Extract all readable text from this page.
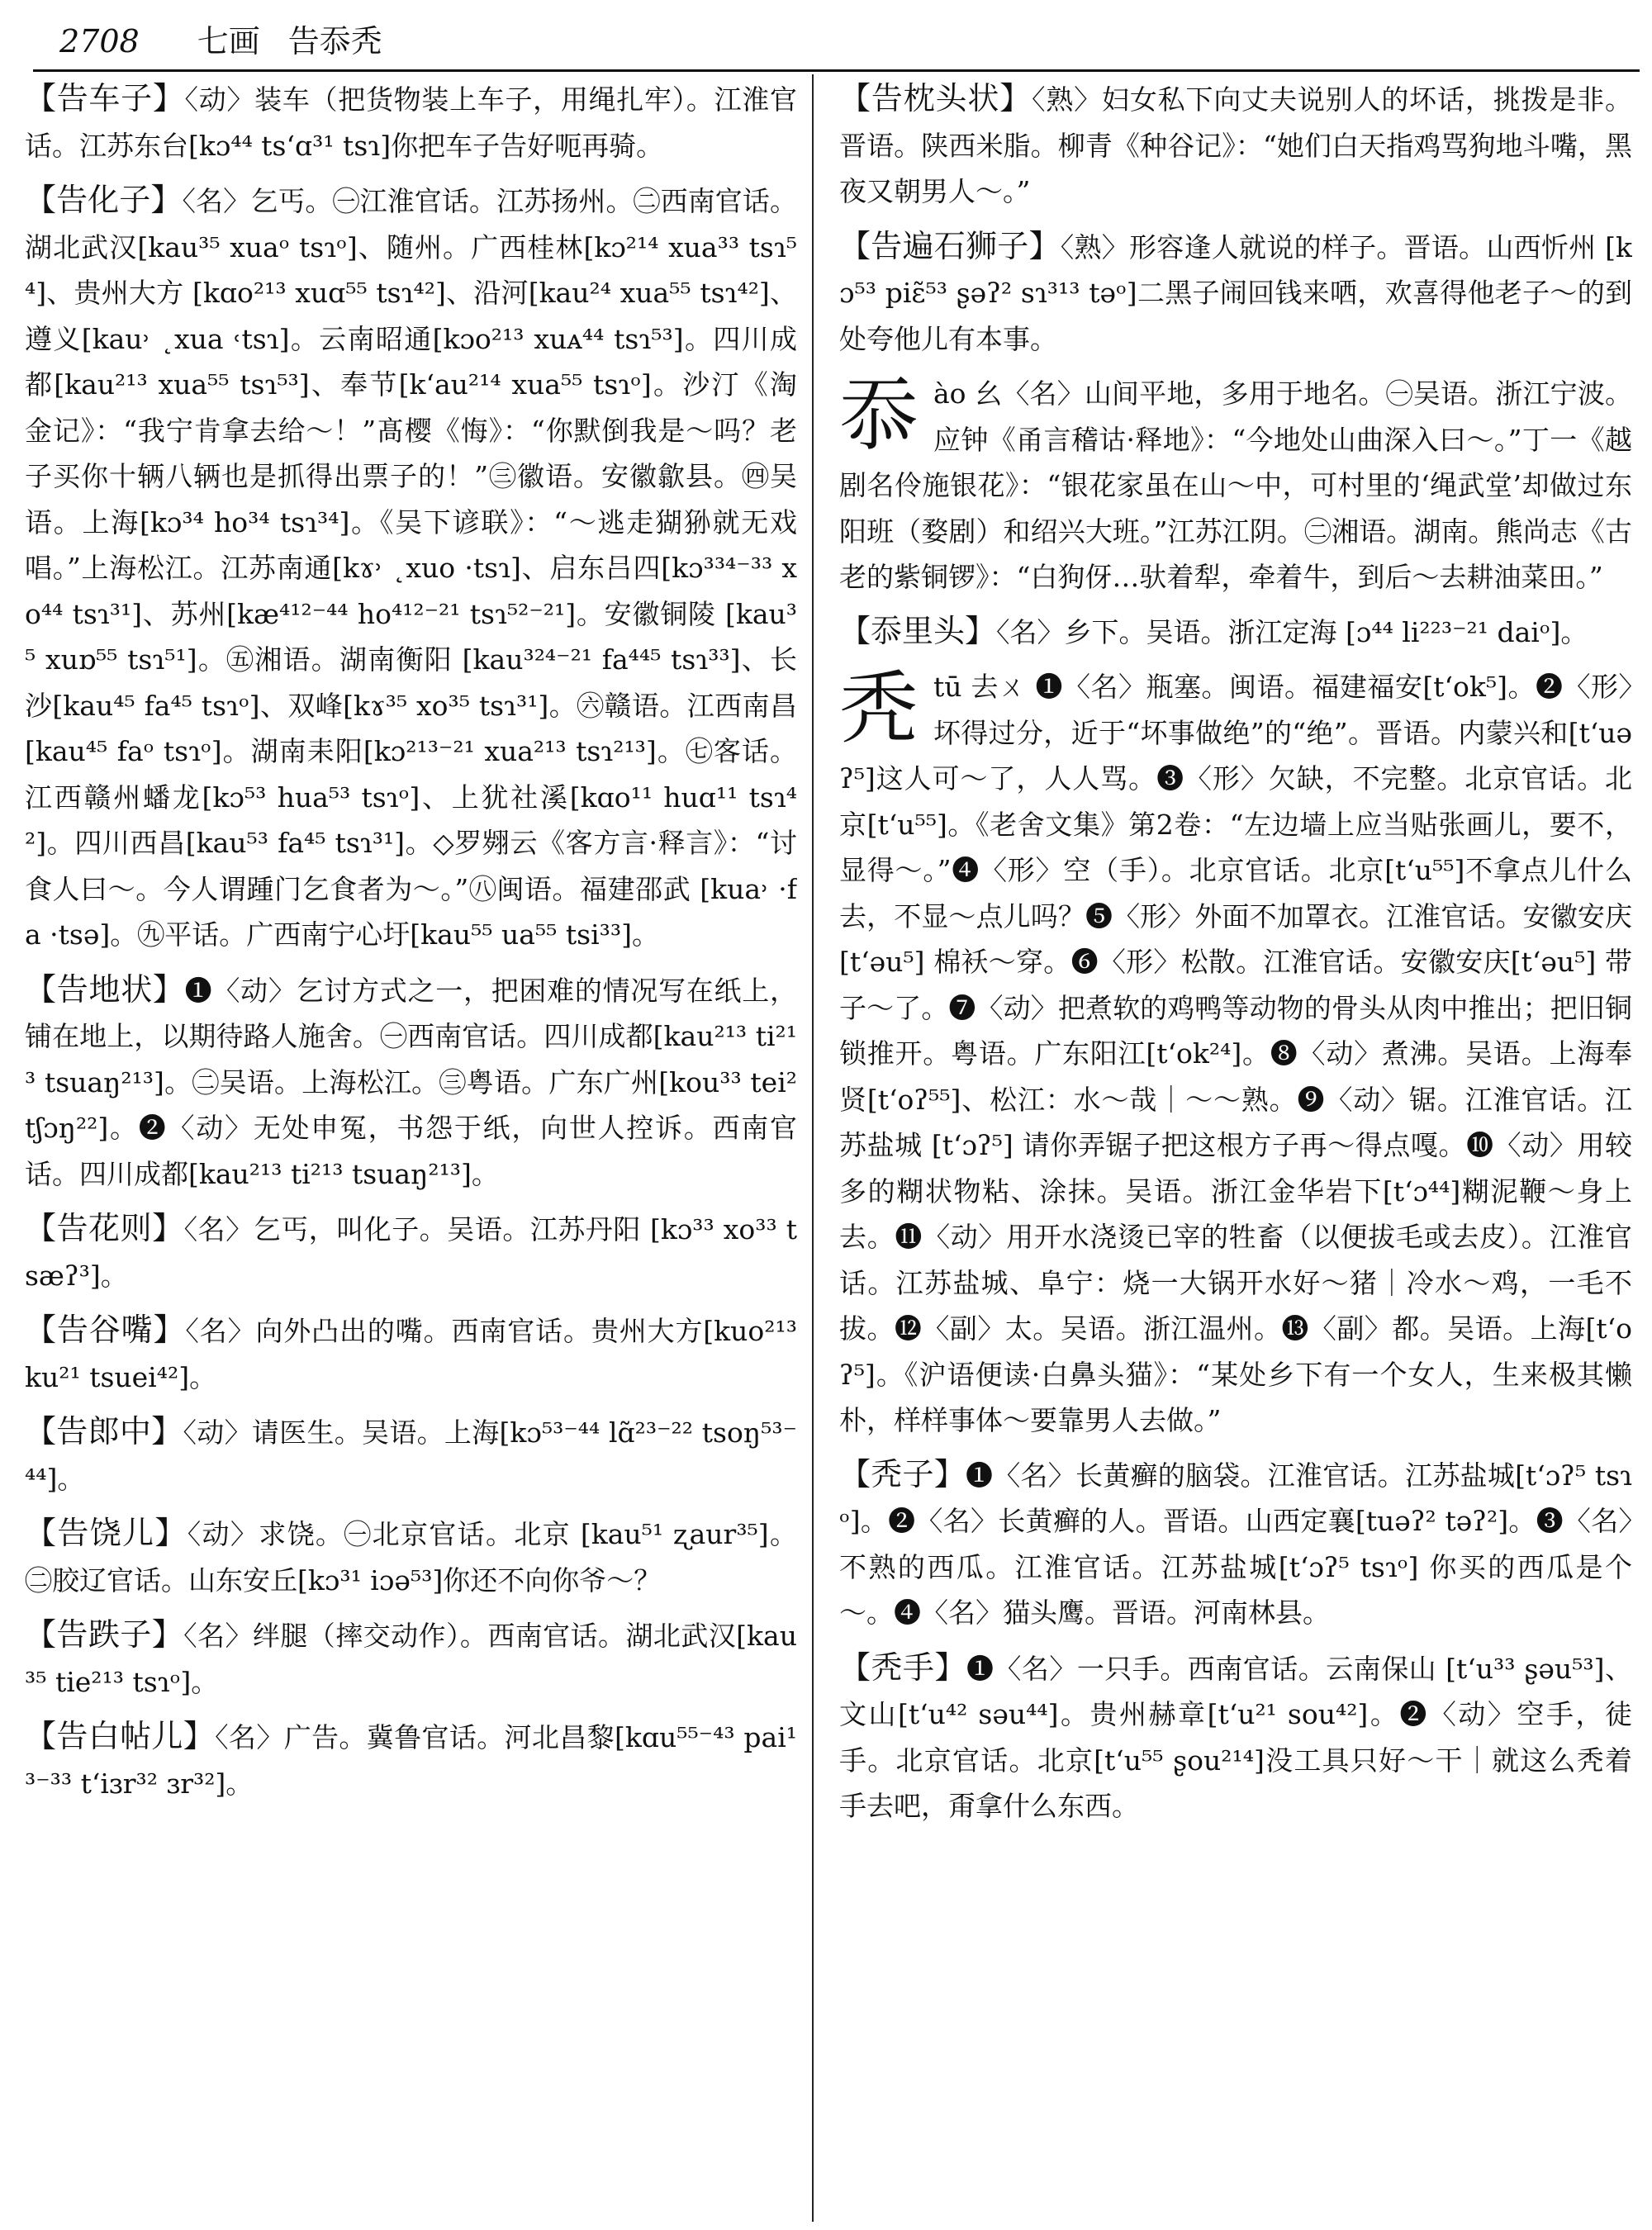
2708 七画 告忝秃

【告车子】〈动〉装车（把货物装上车子，用绳扎牢）。江淮官话。江苏东台[kɔ⁴⁴ tsʻɑ³¹ tsɿ]你把车子告好呃再骑。

【告化子】〈名〉乞丐。㊀江淮官话。江苏扬州。㊁西南官话。湖北武汉[kau³⁵ xuaᵒ tsɿᵒ]、随州。广西桂林[kɔ²¹⁴ xua³³ tsɿ⁵⁴]、贵州大方 [kɑo²¹³ xuɑ⁵⁵ tsɿ⁴²]、沿河[kau²⁴ xua⁵⁵ tsɿ⁴²]、遵义[kau˒ ˛xua ˓tsɿ]。云南昭通[kɔo²¹³ xuᴀ⁴⁴ tsɿ⁵³]。四川成都[kau²¹³ xua⁵⁵ tsɿ⁵³]、奉节[kʻau²¹⁴ xua⁵⁵ tsɿᵒ]。沙汀《淘金记》：“我宁肯拿去给～！”髙樱《悔》：“你默倒我是～吗？老子买你十辆八辆也是抓得出票子的！”㊂徽语。安徽歙县。㊃吴语。上海[kɔ³⁴ ho³⁴ tsɿ³⁴]。《吴下谚联》：“～逃走猢狲就无戏唱。”上海松江。江苏南通[kɤ˒ ˛xuo ·tsɿ]、启东吕四[kɔ³³⁴⁻³³ xo⁴⁴ tsɿ³¹]、苏州[kæ⁴¹²⁻⁴⁴ ho⁴¹²⁻²¹ tsɿ⁵²⁻²¹]。安徽铜陵 [kau³⁵ xuɒ⁵⁵ tsɿ⁵¹]。㊄湘语。湖南衡阳 [kau³²⁴⁻²¹ fa⁴⁴⁵ tsɿ³³]、长沙[kau⁴⁵ fa⁴⁵ tsɿᵒ]、双峰[kɤ³⁵ xo³⁵ tsɿ³¹]。㊅赣语。江西南昌[kau⁴⁵ faᵒ tsɿᵒ]。湖南耒阳[kɔ²¹³⁻²¹ xua²¹³ tsɿ²¹³]。㊆客话。江西赣州蟠龙[kɔ⁵³ hua⁵³ tsɿᵒ]、上犹社溪[kɑo¹¹ huɑ¹¹ tsɿ⁴²]。四川西昌[kau⁵³ fa⁴⁵ tsɿ³¹]。◇罗翙云《客方言·释言》：“讨食人曰～。今人谓踵门乞食者为～。”㊇闽语。福建邵武 [kua˒ ·fa ·tsə]。㊈平话。广西南宁心圩[kau⁵⁵ ua⁵⁵ tsi³³]。

【告地状】❶〈动〉乞讨方式之一，把困难的情况写在纸上，铺在地上，以期待路人施舍。㊀西南官话。四川成都[kau²¹³ ti²¹³ tsuaŋ²¹³]。㊁吴语。上海松江。㊂粤语。广东广州[kou³³ tei² tʃɔŋ²²]。❷〈动〉无处申冤，书怨于纸，向世人控诉。西南官话。四川成都[kau²¹³ ti²¹³ tsuaŋ²¹³]。

【告花则】〈名〉乞丐，叫化子。吴语。江苏丹阳 [kɔ³³ xo³³ tsæʔ³]。

【告谷嘴】〈名〉向外凸出的嘴。西南官话。贵州大方[kuo²¹³ ku²¹ tsuei⁴²]。

【告郎中】〈动〉请医生。吴语。上海[kɔ⁵³⁻⁴⁴ lɑ̃²³⁻²² tsoŋ⁵³⁻⁴⁴]。

【告饶儿】〈动〉求饶。㊀北京官话。北京 [kau⁵¹ ʐaur³⁵]。㊁胶辽官话。山东安丘[kɔ³¹ iɔə⁵³]你还不向你爷～？

【告跌子】〈名〉绊腿（摔交动作）。西南官话。湖北武汉[kau³⁵ tie²¹³ tsɿᵒ]。

【告白帖儿】〈名〉广告。冀鲁官话。河北昌黎[kɑu⁵⁵⁻⁴³ pai¹³⁻³³ tʻiɜr³² ɜr³²]。

【告枕头状】〈熟〉妇女私下向丈夫说别人的坏话，挑拨是非。晋语。陕西米脂。柳青《种谷记》：“她们白天指鸡骂狗地斗嘴，黑夜又朝男人～。”

【告遍石狮子】〈熟〉形容逢人就说的样子。晋语。山西忻州 [kɔ⁵³ piɛ̃⁵³ ʂəʔ² sɿ³¹³ təᵒ]二黑子闹回钱来哂，欢喜得他老子～的到处夸他儿有本事。

忝ào 幺〈名〉山间平地，多用于地名。㊀吴语。浙江宁波。应钟《甬言稽诂·释地》：“今地处山曲深入曰～。”丁一《越剧名伶施银花》：“银花家虽在山～中，可村里的‘绳武堂’却做过东阳班（婺剧）和绍兴大班。”江苏江阴。㊁湘语。湖南。熊尚志《古老的紫铜锣》：“白狗伢…驮着犁，牵着牛，到后～去耕油菜田。”

【忝里头】〈名〉乡下。吴语。浙江定海 [ɔ⁴⁴ li²²³⁻²¹ daiᵒ]。

秃tū 去ㄨ ❶〈名〉瓶塞。闽语。福建福安[tʻok⁵]。❷〈形〉坏得过分，近于“坏事做绝”的“绝”。晋语。内蒙兴和[tʻuəʔ⁵]这人可～了，人人骂。❸〈形〉欠缺，不完整。北京官话。北京[tʻu⁵⁵]。《老舍文集》第2卷：“左边墙上应当贴张画儿，要不，显得～。”❹〈形〉空（手）。北京官话。北京[tʻu⁵⁵]不拿点儿什么去，不显～点儿吗？❺〈形〉外面不加罩衣。江淮官话。安徽安庆[tʻəu⁵] 棉袄～穿。❻〈形〉松散。江淮官话。安徽安庆[tʻəu⁵] 带子～了。❼〈动〉把煮软的鸡鸭等动物的骨头从肉中推出；把旧铜锁推开。粤语。广东阳江[tʻok²⁴]。❽〈动〉煮沸。吴语。上海奉贤[tʻoʔ⁵⁵]、松江：水～哉｜～～熟。❾〈动〉锯。江淮官话。江苏盐城 [tʻɔʔ⁵] 请你弄锯子把这根方子再～得点嘎。❿〈动〉用较多的糊状物粘、涂抹。吴语。浙江金华岩下[tʻɔ⁴⁴]糊泥鞭～身上去。⓫〈动〉用开水浇烫已宰的牲畜（以便拔毛或去皮）。江淮官话。江苏盐城、阜宁：烧一大锅开水好～猪｜冷水～鸡，一毛不拔。⓬〈副〉太。吴语。浙江温州。⓭〈副〉都。吴语。上海[tʻoʔ⁵]。《沪语便读·白鼻头猫》：“某处乡下有一个女人，生来极其懒朴，样样事体～要靠男人去做。”

【秃子】❶〈名〉长黄癣的脑袋。江淮官话。江苏盐城[tʻɔʔ⁵ tsɿᵒ]。❷〈名〉长黄癣的人。晋语。山西定襄[tuəʔ² təʔ²]。❸〈名〉不熟的西瓜。江淮官话。江苏盐城[tʻɔʔ⁵ tsɿᵒ] 你买的西瓜是个～。❹〈名〉猫头鹰。晋语。河南林县。

【秃手】❶〈名〉一只手。西南官话。云南保山 [tʻu³³ ʂəu⁵³]、文山[tʻu⁴² səu⁴⁴]。贵州赫章[tʻu²¹ sou⁴²]。❷〈动〉空手，徒手。北京官话。北京[tʻu⁵⁵ ʂou²¹⁴]没工具只好～干｜就这么秃着手去吧，甭拿什么东西。
